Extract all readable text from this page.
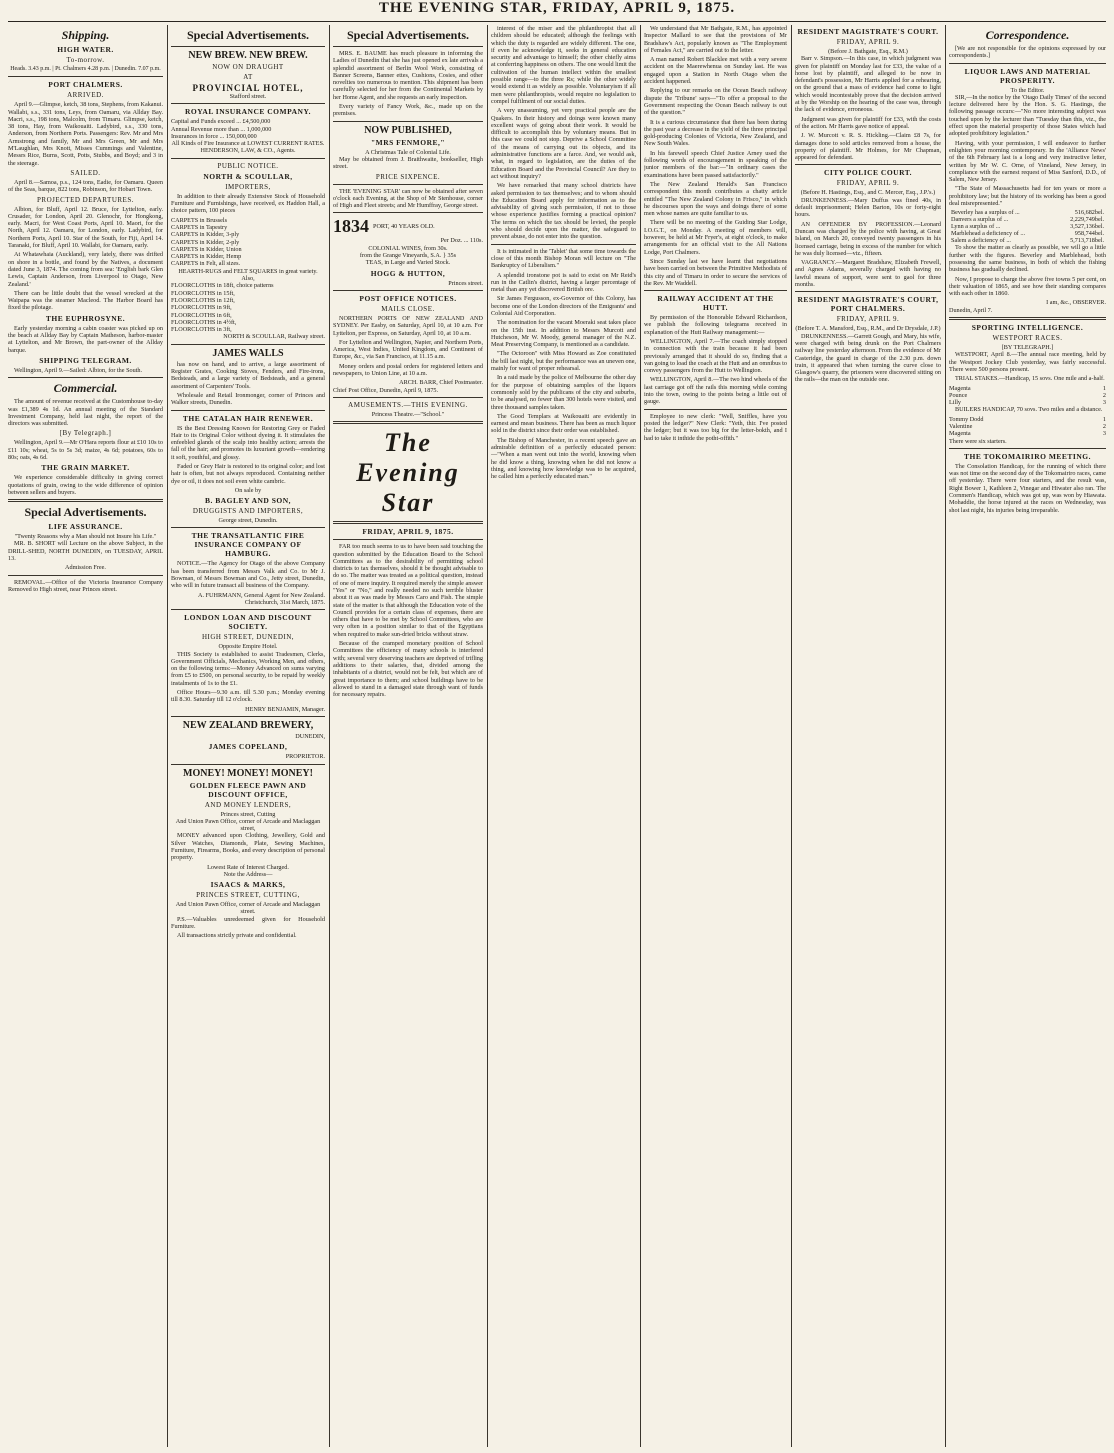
THE EVENING STAR, FRIDAY, APRIL 9, 1875.
Shipping.
HIGH WATER.
To-morrow.
Heads. 3.43 p.m. | Pt. Chalmers 4.28 p.m. | Dunedin. 7.07 p.m.
PORT CHALMERS.
ARRIVED.

April 9.—Glimpse, ketch, 38 tons, Stephens, from Kakanui. Wallabi, s.s., 331 tons, Leys, from Oamaru, via Allday Bay. Macri, s.s., 198 tons, Malcolm, from Timaru. Glimpse, ketch, 38 tons, Hay, from Waikouaiti. Ladybird, s.s., 330 tons, Anderson, from Northern Ports. Passengers: Rev. Mr and Mrs Armstrong and family, Mr and Mrs Green, Mr and Mrs M'Laughlan, Mrs Knott, Misses Cummings and Valentine, Messrs Rice, Burns, Scott, Potts, Stubbs, and Boyd; and 3 in the steerage.

SAILED.

April 8.—Samoa, p.s., 124 tons, Eadie, for Oamaru. Queen of the Seas, barque, 822 tons, Robinson, for Hobart Town.

PROJECTED DEPARTURES.

Albion, for Bluff, April 12. Bruce, for Lyttelton, early. Crusader, for London, April 20. Glenochr, for Hongkong, early. Macri, for West Coast Ports, April 10. Maori, for the North, April 12. Oamaru, for London, early. Ladybird, for Northern Ports, April 10. Star of the South, for Fiji, April 14. Taranaki, for Bluff, April 10. Wallabi, for Oamaru, early.

At Whatawhaia (Auckland), very lately, there was drifted on shore in a bottle, and found by the Natives, a document dated June 3, 1874. The coming from sea: 'English bark Glen Lewis, Captain Anderson, from Liverpool to Otago, New Zealand.'

There can be little doubt that the vessel wrecked at the Waipapa was the steamer Macleod. The Harbor Board has fixed the pilotage.

THE EUPHROSYNE.

Early yesterday morning a cabin coaster was picked up on the beach at Allday Bay by Captain Matheson, harbor-master at Lyttelton, and Mr Brown, the part-owner of the Allday barque.

SHIPPING TELEGRAM.

Wellington, April 9.—Sailed: Albion, for the South.

Commercial.

The amount of revenue received at the Customhouse to-day was £1,389 4s 1d. An annual meeting of the Standard Investment Company, held last night, the report of the directors was submitted.

[By Telegraph.]

Wellington, April 9.—Mr O'Hara reports flour at £10 10s to £11 10s; wheat, 5s to 5s 3d; maize, 4s 6d; potatoes, 60s to 80s; oats, 4s 6d.

THE GRAIN MARKET.

We experience considerable difficulty in giving correct quotations of grain, owing to the wide difference of opinion between sellers and buyers.

Special Advertisements.
LIFE ASSURANCE.
"Twenty Reasons why a Man should not Insure his Life."

MR. B. SHORT will Lecture on the above Subject, in the DRILL-SHED, NORTH DUNEDIN, on TUESDAY, APRIL 13.

Admission Free.

REMOVAL.—Office of the Victoria Insurance Company Removed to High street, near Princes street.

Special Advertisements.
NEW BREW. NEW BREW.
NOW ON DRAUGHT
AT
PROVINCIAL HOTEL,
Stafford street.
ROYAL INSURANCE COMPANY.
Capital and Funds exceed ... £4,500,000
Annual Revenue more than ... 1,000,000
Insurances in force ... 150,000,000
All Kinds of Fire Insurance at LOWEST CURRENT RATES.
HENDERSON, LAW, & CO., Agents.
PUBLIC NOTICE.
NORTH & SCOULLAR,
IMPORTERS,

In addition to their already Extensive Stock of Household Furniture and Furnishings, have received, ex Haddon Hall, a choice pattern, 100 pieces

CARPETS in Brussels
CARPETS in Tapestry
CARPETS in Kidder, 3-ply
CARPETS in Kidder, 2-ply
CARPETS in Kidder, Union
CARPETS in Kidder, Hemp
CARPETS in Felt, all sizes.
HEARTH-RUGS and FELT SQUARES in great variety.
Also,
FLOORCLOTHS in 18ft, choice patterns
FLOORCLOTHS in 15ft,
FLOORCLOTHS in 12ft,
FLOORCLOTHS in 9ft,
FLOORCLOTHS in 6ft,
FLOORCLOTHS in 4½ft,
FLOORCLOTHS in 3ft,
NORTH & SCOULLAR, Railway street.
JAMES WALLS

has now on hand, and to arrive, a large assortment of Register Grates, Cooking Stoves, Fenders, and Fire-irons, Bedsteads, and a large variety of Bedsteads, and a general assortment of Carpenters' Tools.

Wholesale and Retail Ironmonger, corner of Princes and Walker streets, Dunedin.

THE CATALAN HAIR RENEWER.

IS the Best Dressing Known for Restoring Grey or Faded Hair to its Original Color without dyeing it. It stimulates the enfeebled glands of the scalp into healthy action; arrests the fall of the hair; and promotes its luxuriant growth—rendering it soft, youthful, and glossy.

Faded or Grey Hair is restored to its original color; and lost hair is often, but not always reproduced. Containing neither dye or oil, it does not soil even white cambric.

On sale by
B. BAGLEY AND SON,
DRUGGISTS AND IMPORTERS,
George street, Dunedin.
THE TRANSATLANTIC FIRE INSURANCE COMPANY OF HAMBURG.

NOTICE.—The Agency for Otago of the above Company has been transferred from Messrs Valk and Co. to Mr J. Bowman, of Messrs Bowman and Co., Jetty street, Dunedin, who will in future transact all business of the Company.

A. FUHRMANN, General Agent for New Zealand. Christchurch, 31st March, 1875.
LONDON LOAN AND DISCOUNT SOCIETY.
HIGH STREET, DUNEDIN,
Opposite Empire Hotel.

THIS Society is established to assist Tradesmen, Clerks, Government Officials, Mechanics, Working Men, and others, on the following terms:—Money Advanced on sums varying from £5 to £500, on personal security, to be repaid by weekly instalments of 1s to the £1.

Office Hours—9.30 a.m. till 5.30 p.m.; Monday evening till 8.30. Saturday till 12 o'clock.

HENRY BENJAMIN, Manager.
NEW ZEALAND BREWERY,
DUNEDIN,
JAMES COPELAND,
PROPRIETOR.
MONEY! MONEY! MONEY!
GOLDEN FLEECE PAWN AND DISCOUNT OFFICE,
AND MONEY LENDERS,
Princes street, Cutting
And Union Pawn Office, corner of Arcade and Maclaggan street,

MONEY advanced upon Clothing, Jewellery, Gold and Silver Watches, Diamonds, Plate, Sewing Machines, Furniture, Firearms, Books, and every description of personal property.

Lowest Rate of Interest Charged.
Note the Address—
ISAACS & MARKS,
PRINCES STREET, CUTTING,
And Union Pawn Office, corner of Arcade and Maclaggan street.

P.S.—Valuables unredeemed given for Household Furniture.

All transactions strictly private and confidential.

Special Advertisements.

MRS. E. BAUME has much pleasure in informing the Ladies of Dunedin that she has just opened ex late arrivals a splendid assortment of Berlin Wool Work, consisting of Banner Screens, Banner ettes, Cushions, Cosies, and other novelties too numerous to mention. This shipment has been carefully selected for her from the Continental Markets by her Home Agent, and she requests an early inspection.

Every variety of Fancy Work, &c., made up on the premises.

NOW PUBLISHED,
"MRS FENMORE,"
A Christmas Tale of Colonial Life.

May be obtained from J. Braithwaite, bookseller, High street.

PRICE SIXPENCE.

THE 'EVENING STAR' can now be obtained after seven o'clock each Evening, at the Shop of Mr Stenhouse, corner of High and Fleet streets; and Mr Humffray, George street.

1834 PORT, 40 YEARS OLD.
Per Doz. ... 110s.
COLONIAL WINES, from 30s.
from the Grange Vineyards, S.A. } 35s
TEAS, in Large and Varied Stock.
HOGG & HUTTON,
Princes street.
POST OFFICE NOTICES.
MAILS CLOSE.

NORTHERN PORTS OF NEW ZEALAND AND SYDNEY. Per Easby, on Saturday, April 10, at 10 a.m. For Lyttelton, per Express, on Saturday, April 10, at 10 a.m.

For Lyttelton and Wellington, Napier, and Northern Ports, America, West Indies, United Kingdom, and Continent of Europe, &c., via San Francisco, at 11.15 a.m.

Money orders and postal orders for registered letters and newspapers, to Union Line, at 10 a.m.

ARCH. BARR, Chief Postmaster.
Chief Post Office, Dunedin, April 9, 1875.
AMUSEMENTS.—THIS EVENING.
Princess Theatre.—"School."
The Evening Star
FRIDAY, APRIL 9, 1875.

FAR too much seems to us to have been said touching the question submitted by the Education Board to the School Committees as to the desirability of permitting school districts to tax themselves, should it be thought advisable to do so. The matter was treated as a political question, instead of one of mere inquiry. It required merely the simple answer "Yes" or "No," and really needed no such terrible bluster about it as was made by Messrs Caro and Fish. The simple state of the matter is that although the Education vote of the Council provides for a certain class of expenses, there are others that have to be met by School Committees, who are very often in a position similar to that of the Egyptians when required to make sun-dried bricks without straw.

Because of the cramped monetary position of School Committees the efficiency of many schools is interfered with; several very deserving teachers are deprived of trifling additions to their salaries, that, divided among the inhabitants of a district, would not be felt, but which are of great importance to them; and school buildings have to be allowed to stand in a damaged state through want of funds for necessary repairs.

interest of the miser and the philanthropist that all children should be educated; although the feelings with which the duty is regarded are widely different. The one, if even he acknowledge it, seeks in general education security and advantage to himself; the other chiefly aims at conferring happiness on others. The one would limit the cultivation of the human intellect within the smallest possible range—to the three Rs; while the other widely would extend it as widely as possible. Voluntaryism if all men were philanthropists, would require no legislation to compel fulfilment of our social duties.

A very unassuming, yet very practical people are the Quakers. In their history and doings were known many excellent ways of going about their work. It would be difficult to accomplish this by voluntary means. But in this case we could not stop. Deprive a School Committee of the means of carrying out its objects, and its administrative functions are a farce. And, we would ask, what, in regard to legislation, are the duties of the Education Board and the Provincial Council? Are they to act without inquiry?

We have remarked that many school districts have asked permission to tax themselves; and to whom should the Education Board apply for information as to the advisability of giving such permission, if not to those whose experience justifies forming a practical opinion? The terms on which the tax should be levied, the people who should decide upon the matter, the safeguard to prevent abuse, do not enter into the question.

It is intimated in the 'Tablet' that some time towards the close of this month Bishop Moran will lecture on "The Bankruptcy of Liberalism."

A splendid ironstone pot is said to exist on Mr Reid's run in the Catlin's district, having a larger percentage of metal than any yet discovered British ore.

Sir James Fergusson, ex-Governor of this Colony, has become one of the London directors of the Emigrants' and Colonial Aid Corporation.

The nomination for the vacant Moeraki seat takes place on the 15th inst. In addition to Messrs Murcott and Hutcheson, Mr W. Moody, general manager of the N.Z. Meat Preserving Company, is mentioned as a candidate.

"The Octoroon" with Miss Howard as Zoe constituted the bill last night, but the performance was an uneven one, mainly for want of proper rehearsal.

In a raid made by the police of Melbourne the other day for the purpose of obtaining samples of the liquors commonly sold by the publicans of the city and suburbs, to be analysed, no fewer than 300 hotels were visited, and three thousand samples taken.

The Good Templars at Waikouaiti are evidently in earnest and mean business. There has been as much liquor sold in the district since their order was established.

The Bishop of Manchester, in a recent speech gave an admirable definition of a perfectly educated person:—"When a man went out into the world, knowing when he did know a thing, knowing when he did not know a thing, and knowing how knowledge was to be acquired, he called him a perfectly educated man."

We understand that Mr Bathgate, R.M., has appointed Inspector Mallard to see that the provisions of Mr Bradshaw's Act, popularly known as "The Employment of Females Act," are carried out to the letter.

A man named Robert Blacklee met with a very severe accident on the Maerewhenua on Sunday last. He was engaged upon a Station in North Otago when the accident happened.

Replying to our remarks on the Ocean Beach railway dispute the 'Tribune' says—"To offer a proposal to the Government respecting the Ocean Beach railway is out of the question."

It is a curious circumstance that there has been during the past year a decrease in the yield of the three principal gold-producing Colonies of Victoria, New Zealand, and New South Wales.

In his farewell speech Chief Justice Arney used the following words of encouragement in speaking of the junior members of the bar:—"In ordinary cases the examinations have been passed satisfactorily."

The New Zealand Herald's San Francisco correspondent this month contributes a chatty article entitled "The New Zealand Colony in Frisco," in which he discourses upon the ways and doings there of some men whose names are quite familiar to us.

There will be no meeting of the Guiding Star Lodge, I.O.G.T., on Monday. A meeting of members will, however, be held at Mr Fryer's, at eight o'clock, to make arrangements for an official visit to the All Nations Lodge, Port Chalmers.

Since Sunday last we have learnt that negotiations have been carried on between the Primitive Methodists of this city and of Timaru in order to secure the services of the Rev. Mr Waddell.

RAILWAY ACCIDENT AT THE HUTT.

By permission of the Honorable Edward Richardson, we publish the following telegrams received in explanation of the Hutt Railway management:—

WELLINGTON, April 7.—The coach simply stopped in connection with the train because it had been previously arranged that it should do so, finding that a van going to load the coach at the Hutt and an omnibus to convey passengers from the Hutt to Wellington.

WELLINGTON, April 8.—The two hind wheels of the last carriage got off the rails this morning while coming into the town, owing to the points being a little out of gauge.

Employee to new clerk: "Well, Sniffles, have you posted the ledger?" New Clerk: "Yeth, thir. I've posted the ledger; but it was too big for the letter-bokth, and I had to take it inthide the potht-offith."

RESIDENT MAGISTRATE'S COURT.
FRIDAY, APRIL 9.
(Before J. Bathgate, Esq., R.M.)

Barr v. Simpson.—In this case, in which judgment was given for plaintiff on Monday last for £33, the value of a horse lost by plaintiff, and alleged to be now in defendant's possession, Mr Harris applied for a rehearing, on the ground that a mass of evidence had come to light which would incontestably prove that the decision arrived at by the Worship on the hearing of the case was, through the lack of evidence, erroneous.

Judgment was given for plaintiff for £33, with the costs of the action. Mr Harris gave notice of appeal.

J. W. Murcott v. R. S. Hickling.—Claim £8 7s, for damages done to sold articles removed from a house, the property of plaintiff. Mr Holmes, for Mr Chapman, appeared for defendant.

CITY POLICE COURT.
FRIDAY, APRIL 9.
(Before H. Hastings, Esq., and C. Mercer, Esq., J.P.'s.)

DRUNKENNESS.—Mary Duffus was fined 40s, in default imprisonment; Helen Barton, 10s or forty-eight hours.

AN OFFENDER BY PROFESSION.—Leonard Duncan was charged by the police with having, at Great Island, on March 20, conveyed twenty passengers in his licensed carriage, being in excess of the number for which he was duly licensed—viz., fifteen.

VAGRANCY.—Margaret Bradshaw, Elizabeth Frewell, and Agnes Adams, severally charged with having no lawful means of support, were sent to gaol for three months.

RESIDENT MAGISTRATE'S COURT, PORT CHALMERS.
FRIDAY, APRIL 9.
(Before T. A. Mansford, Esq., R.M., and Dr Drysdale, J.P.)

DRUNKENNESS.—Garrett Gough, and Mary, his wife, were charged with being drunk on the Port Chalmers railway line yesterday afternoon. From the evidence of Mr Casteridge, the guard in charge of the 2.30 p.m. down train, it appeared that when turning the curve close to Glasgow's quarry, the prisoners were discovered sitting on the rails—the man on the outside one.

Correspondence.

[We are not responsible for the opinions expressed by our correspondents.]

LIQUOR LAWS AND MATERIAL PROSPERITY.
To the Editor.

SIR,—In the notice by the 'Otago Daily Times' of the second lecture delivered here by the Hon. S. G. Hastings, the following passage occurs:—"No more interesting subject was touched upon by the lecturer than "Tuesday than this, viz., the effect upon the material prosperity of those States which had adopted prohibitory legislation."

Having, with your permission, I will endeavor to further enlighten your morning contemporary. In the 'Alliance News' of the 6th February last is a long and very instructive letter, written by Mr W. C. Orne, of Vineland, New Jersey, in compliance with the earnest request of Miss Sanford, D.D., of Salem, New Jersey.

"The State of Massachusetts had for ten years or more a prohibitory law; but the history of its working has been a good deal misrepresented."

Beverley has a surplus of ...	516,682bel.
Danvers a surplus of ...	2,229,749bel.
Lynn a surplus of ...	3,527,136bel.
Marblehead a deficiency of ...	958,744bel.
Salem a deficiency of ...	5,713,718bel.

To show the matter as clearly as possible, we will go a little further with the figures. Beverley and Marblehead, both possessing the same business, in both of which the fishing business has gradually declined.

Now, I propose to charge the above five towns 5 per cent, on their valuation of 1865, and see how their standing compares with each other in 1860.

I am, &c., OBSERVER.
Dunedin, April 7.
SPORTING INTELLIGENCE.
WESTPORT RACES.
[BY TELEGRAPH.]

WESTPORT, April 8.—The annual race meeting, held by the Westport Jockey Club yesterday, was fairly successful. There were 500 persons present.

TRIAL STAKES.—Handicap, 15 sovs. One mile and a-half.

Magenta	1
Pounce	2
Lilly	3

BUILERS HANDICAP, 70 sovs. Two miles and a distance.

Tommy Dodd	1
Valentine	2
Magenta	3
There were six starters.
THE TOKOMAIRIRO MEETING.

The Consolation Handicap, for the running of which there was not time on the second day of the Tokomairiro races, came off yesterday. There were four starters, and the result was, Right Bower 1, Kathleen 2, Vinegar and Hiwater also ran. The Cornmen's Handicap, which was got up, was won by Hiawata. Mohaddie, the horse injured at the races on Wednesday, was shot last night, his injuries being irreparable.
